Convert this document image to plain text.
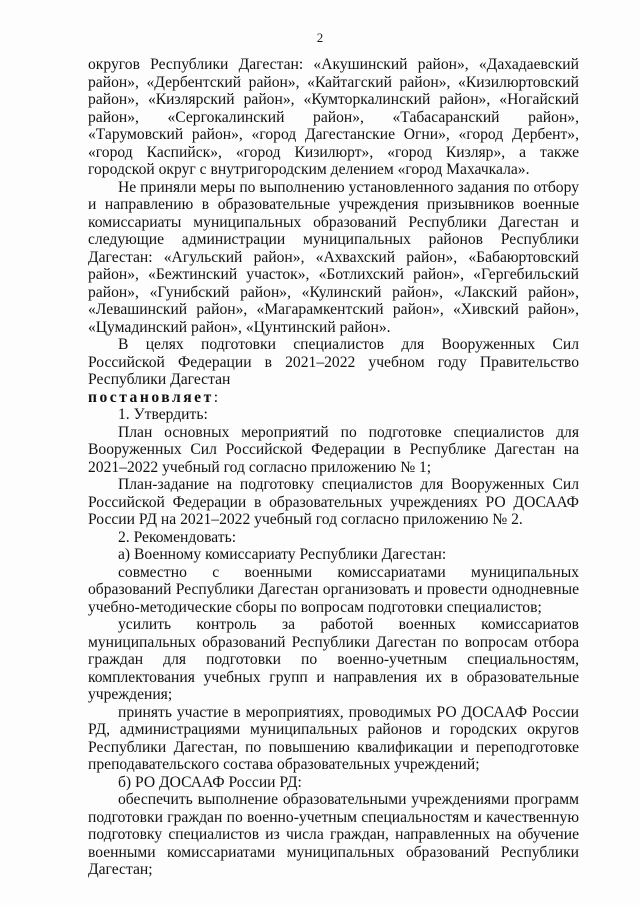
2

округов Республики Дагестан: «Акушинский район», «Дахадаевский район», «Дербентский район», «Кайтагский район», «Кизилюртовский район», «Кизлярский район», «Кумторкалинский район», «Ногайский район», «Сергокалинский район», «Табасаранский район», «Тарумовский район», «город Дагестанские Огни», «город Дербент», «город Каспийск», «город Кизилюрт», «город Кизляр», а также городской округ с внутригородским делением «город Махачкала».

Не приняли меры по выполнению установленного задания по отбору и направлению в образовательные учреждения призывников военные комиссариаты муниципальных образований Республики Дагестан и следующие администрации муниципальных районов Республики Дагестан: «Агульский район», «Ахвахский район», «Бабаюртовский район», «Бежтинский участок», «Ботлихский район», «Гергебильский район», «Гунибский район», «Кулинский район», «Лакский район», «Левашинский район», «Магарамкентский район», «Хивский район», «Цумадинский район», «Цунтинский район».

В целях подготовки специалистов для Вооруженных Сил Российской Федерации в 2021–2022 учебном году Правительство Республики Дагестан

постановляет:

1. Утвердить:

План основных мероприятий по подготовке специалистов для Вооруженных Сил Российской Федерации в Республике Дагестан на 2021–2022 учебный год согласно приложению № 1;

План-задание на подготовку специалистов для Вооруженных Сил Российской Федерации в образовательных учреждениях РО ДОСААФ России РД на 2021–2022 учебный год согласно приложению № 2.

2. Рекомендовать:

а) Военному комиссариату Республики Дагестан:

совместно с военными комиссариатами муниципальных образований Республики Дагестан организовать и провести однодневные учебно-методические сборы по вопросам подготовки специалистов;

усилить контроль за работой военных комиссариатов муниципальных образований Республики Дагестан по вопросам отбора граждан для подготовки по военно-учетным специальностям, комплектования учебных групп и направления их в образовательные учреждения;

принять участие в мероприятиях, проводимых РО ДОСААФ России РД, администрациями муниципальных районов и городских округов Республики Дагестан, по повышению квалификации и переподготовке преподавательского состава образовательных учреждений;

б) РО ДОСААФ России РД:

обеспечить выполнение образовательными учреждениями программ подготовки граждан по военно-учетным специальностям и качественную подготовку специалистов из числа граждан, направленных на обучение военными комиссариатами муниципальных образований Республики Дагестан;
